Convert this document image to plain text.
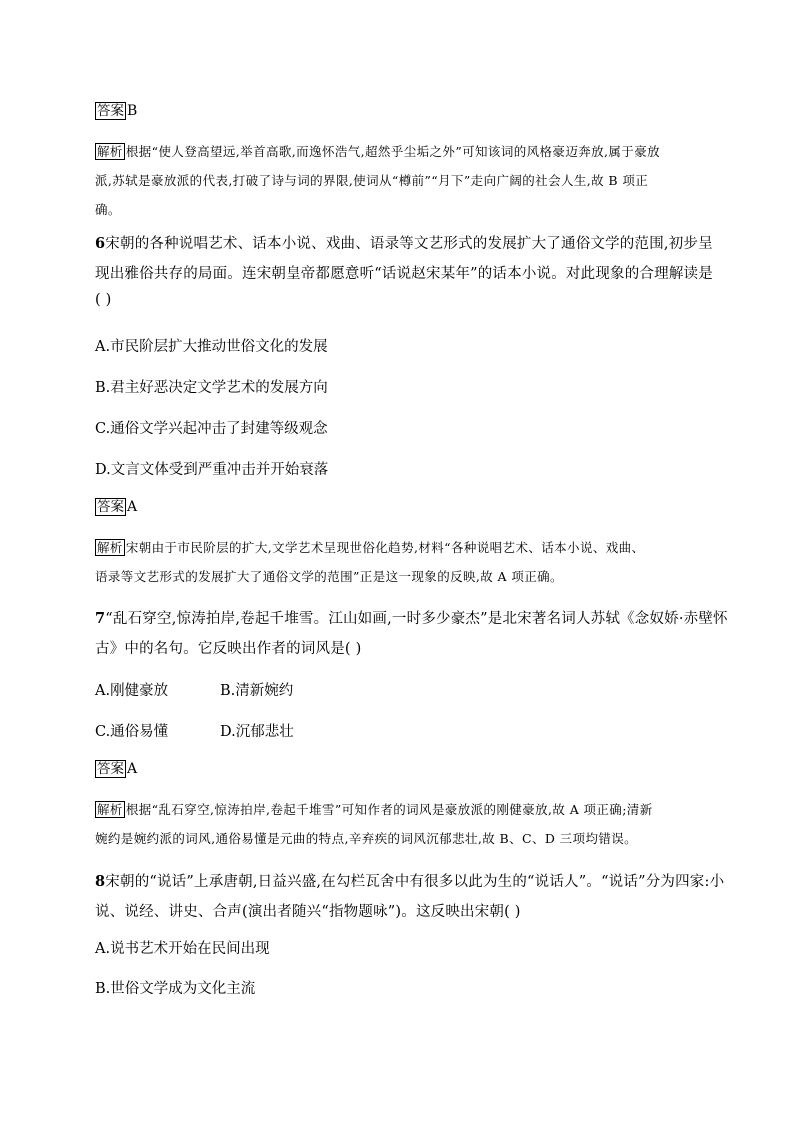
答案 B
解析 根据“使人登高望远,举首高歌,而逸怀浩气,超然乎尘垢之外”可知该词的风格豪迈奔放,属于豪放
派,苏轼是豪放派的代表,打破了诗与词的界限,使词从“樽前”“月下”走向广阔的社会人生,故 B 项正
确。
6宋朝的各种说唱艺术、话本小说、戏曲、语录等文艺形式的发展扩大了通俗文学的范围,初步呈
现出雅俗共存的局面。连宋朝皇帝都愿意听“话说赵宋某年”的话本小说。对此现象的合理解读是
( )
A.市民阶层扩大推动世俗文化的发展
B.君主好恶决定文学艺术的发展方向
C.通俗文学兴起冲击了封建等级观念
D.文言文体受到严重冲击并开始衰落
答案 A
解析 宋朝由于市民阶层的扩大,文学艺术呈现世俗化趋势,材料“各种说唱艺术、话本小说、戏曲、
语录等文艺形式的发展扩大了通俗文学的范围”正是这一现象的反映,故 A 项正确。
7“乱石穿空,惊涛拍岸,卷起千堆雪。江山如画,一时多少豪杰”是北宋著名词人苏轼《念奴娇·赤壁怀
古》中的名句。它反映出作者的词风是( )
A.刚健豪放	B.清新婉约
C.通俗易懂	D.沉郁悲壮
答案 A
解析 根据“乱石穿空,惊涛拍岸,卷起千堆雪”可知作者的词风是豪放派的刚健豪放,故 A 项正确;清新
婉约是婉约派的词风,通俗易懂是元曲的特点,辛弃疾的词风沉郁悲壮,故 B、C、D 三项均错误。
8宋朝的“说话”上承唐朝,日益兴盛,在勾栏瓦舍中有很多以此为生的“说话人”。“说话”分为四家:小
说、说经、讲史、合声(演出者随兴“指物题咏”)。这反映出宋朝( )
A.说书艺术开始在民间出现
B.世俗文学成为文化主流
